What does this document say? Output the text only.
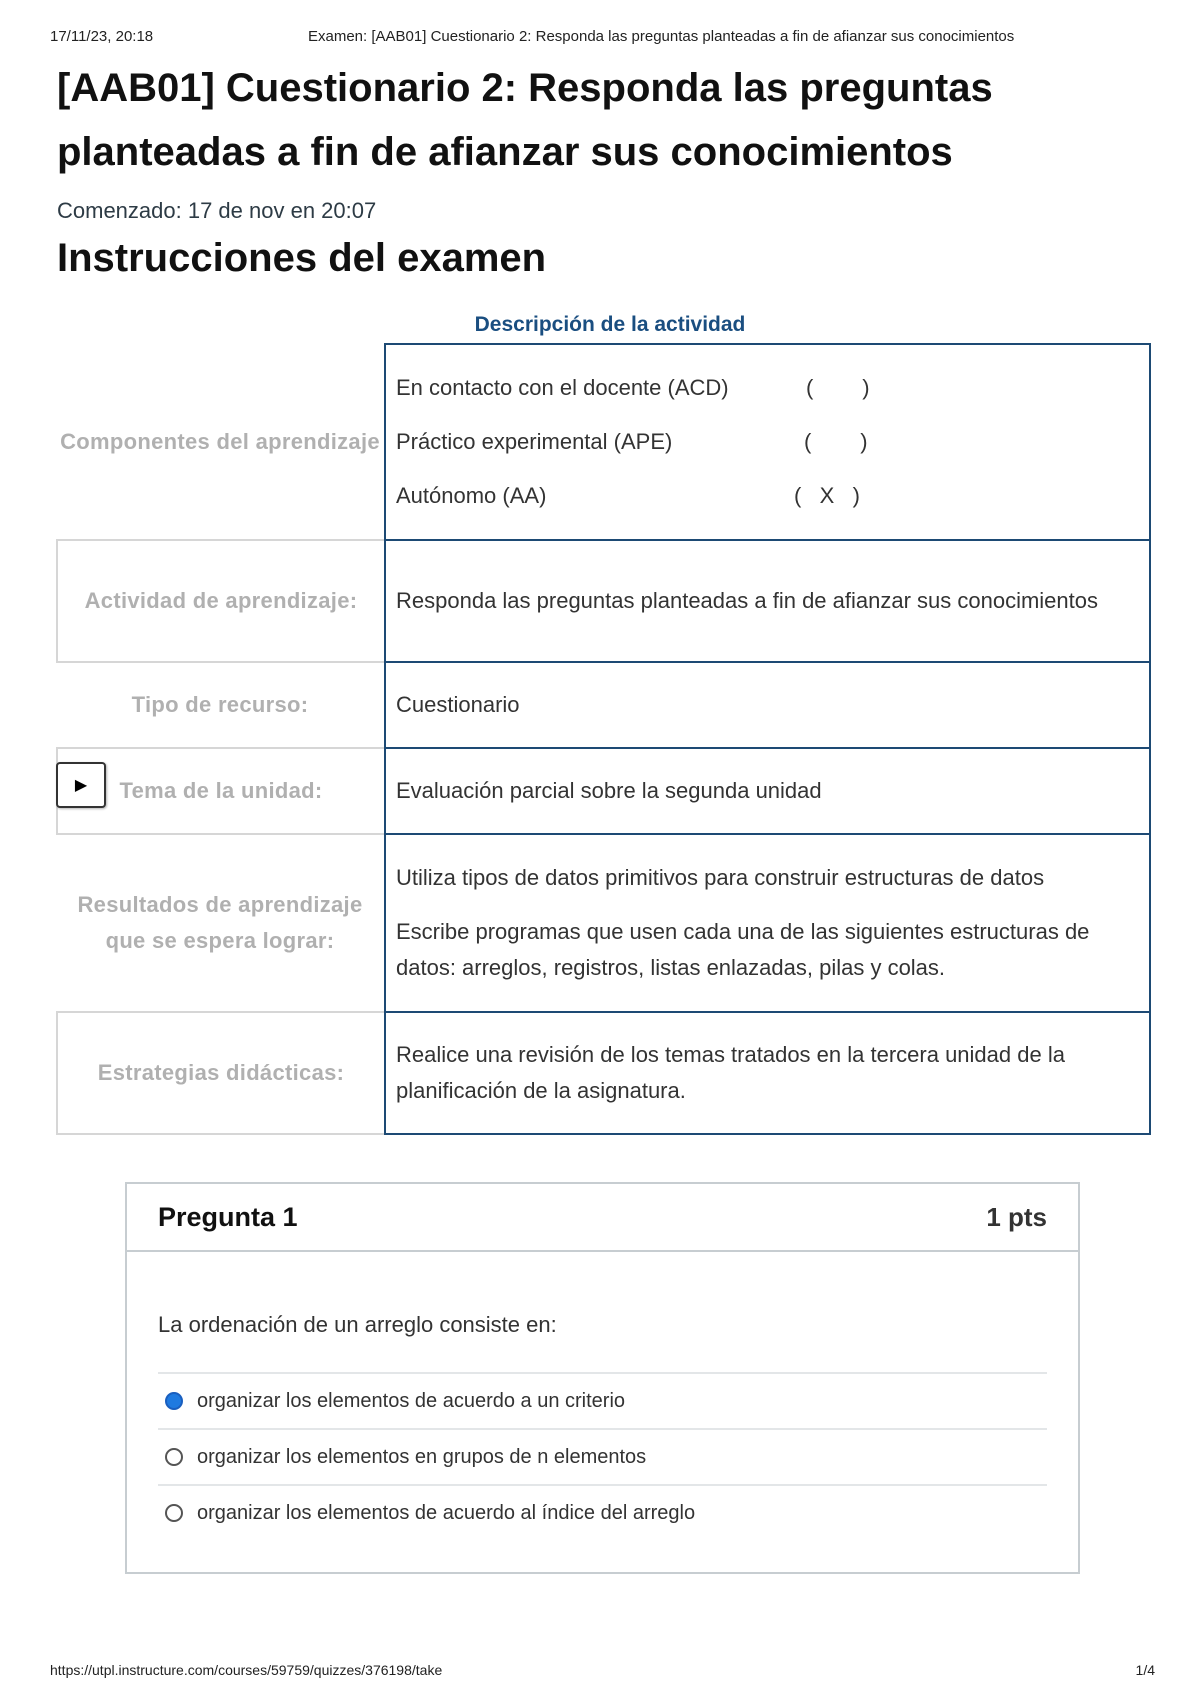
17/11/23, 20:18	Examen: [AAB01] Cuestionario 2: Responda las preguntas planteadas a fin de afianzar sus conocimientos
[AAB01] Cuestionario 2: Responda las preguntas planteadas a fin de afianzar sus conocimientos
Comenzado: 17 de nov en 20:07
Instrucciones del examen
Descripción de la actividad
Componentes del aprendizaje
En contacto con el docente (ACD)	(        )
Práctico experimental (APE)	(        )
Autónomo (AA)	(   X   )
Actividad de aprendizaje:	Responda las preguntas planteadas a fin de afianzar sus conocimientos

Tipo de recurso:	Cuestionario

Tema de la unidad:	Evaluación parcial sobre la segunda unidad

Resultados de aprendizaje que se espera lograr:

Utiliza tipos de datos primitivos para construir estructuras de datos

Escribe programas que usen cada una de las siguientes estructuras de datos: arreglos, registros, listas enlazadas, pilas y colas.

Estrategias didácticas:

Realice una revisión de los temas tratados en la tercera unidad de la planificación de la asignatura.

▶
Pregunta 1	1 pts
La ordenación de un arreglo consiste en:
organizar los elementos de acuerdo a un criterio
organizar los elementos en grupos de n elementos
organizar los elementos de acuerdo al índice del arreglo
https://utpl.instructure.com/courses/59759/quizzes/376198/take	1/4
